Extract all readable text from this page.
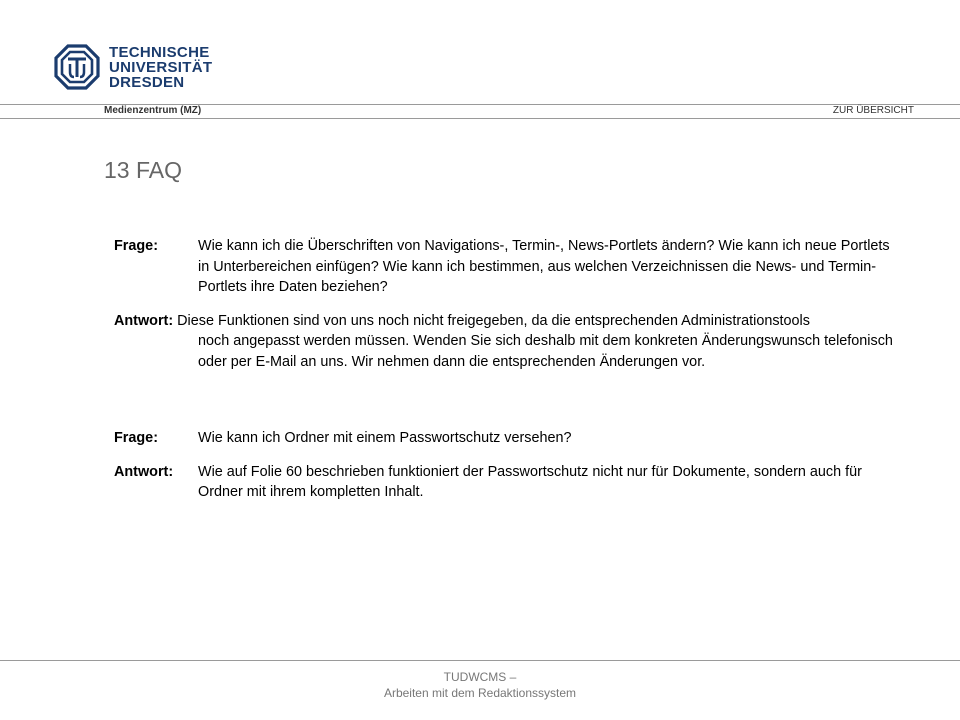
TECHNISCHE
UNIVERSITÄT
DRESDEN
Medienzentrum (MZ)	ZUR ÜBERSICHT
13 FAQ
Frage:	Wie kann ich die Überschriften von Navigations-, Termin-, News-Portlets ändern? Wie kann ich neue Portlets in Unterbereichen einfügen? Wie kann ich bestimmen, aus welchen Verzeichnissen die News- und Termin-Portlets ihre Daten beziehen?
Antwort: Diese Funktionen sind von uns noch nicht freigegeben, da die entsprechenden Administrationstools
noch angepasst werden müssen. Wenden Sie sich deshalb mit dem konkreten Änderungswunsch telefonisch oder per E-Mail an uns. Wir nehmen dann die entsprechenden Änderungen vor.
Frage:	Wie kann ich Ordner mit einem Passwortschutz versehen?
Antwort:	Wie auf Folie 60 beschrieben funktioniert der Passwortschutz nicht nur für Dokumente, sondern auch für Ordner mit ihrem kompletten Inhalt.
TUDWCMS –
Arbeiten mit dem Redaktionssystem
